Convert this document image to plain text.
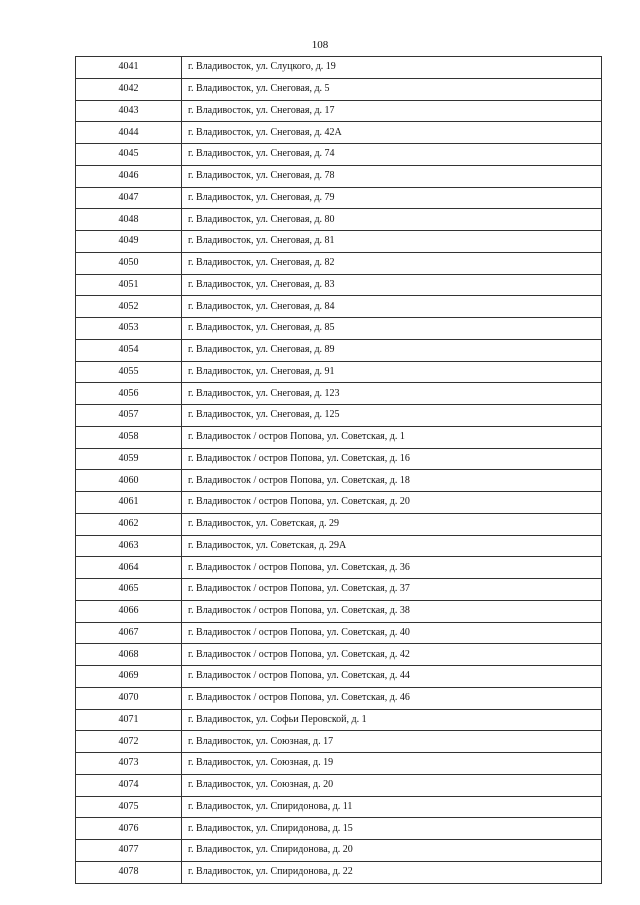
108
4041	г. Владивосток, ул. Слуцкого, д. 19
4042	г. Владивосток, ул. Снеговая, д. 5
4043	г. Владивосток, ул. Снеговая, д. 17
4044	г. Владивосток, ул. Снеговая, д. 42А
4045	г. Владивосток, ул. Снеговая, д. 74
4046	г. Владивосток, ул. Снеговая, д. 78
4047	г. Владивосток, ул. Снеговая, д. 79
4048	г. Владивосток, ул. Снеговая, д. 80
4049	г. Владивосток, ул. Снеговая, д. 81
4050	г. Владивосток, ул. Снеговая, д. 82
4051	г. Владивосток, ул. Снеговая, д. 83
4052	г. Владивосток, ул. Снеговая, д. 84
4053	г. Владивосток, ул. Снеговая, д. 85
4054	г. Владивосток, ул. Снеговая, д. 89
4055	г. Владивосток, ул. Снеговая, д. 91
4056	г. Владивосток, ул. Снеговая, д. 123
4057	г. Владивосток, ул. Снеговая, д. 125
4058	г. Владивосток / остров Попова, ул. Советская, д. 1
4059	г. Владивосток / остров Попова, ул. Советская, д. 16
4060	г. Владивосток / остров Попова, ул. Советская, д. 18
4061	г. Владивосток / остров Попова, ул. Советская, д. 20
4062	г. Владивосток, ул. Советская, д. 29
4063	г. Владивосток, ул. Советская, д. 29А
4064	г. Владивосток / остров Попова, ул. Советская, д. 36
4065	г. Владивосток / остров Попова, ул. Советская, д. 37
4066	г. Владивосток / остров Попова, ул. Советская, д. 38
4067	г. Владивосток / остров Попова, ул. Советская, д. 40
4068	г. Владивосток / остров Попова, ул. Советская, д. 42
4069	г. Владивосток / остров Попова, ул. Советская, д. 44
4070	г. Владивосток / остров Попова, ул. Советская, д. 46
4071	г. Владивосток, ул. Софьи Перовской, д. 1
4072	г. Владивосток, ул. Союзная, д. 17
4073	г. Владивосток, ул. Союзная, д. 19
4074	г. Владивосток, ул. Союзная, д. 20
4075	г. Владивосток, ул. Спиридонова, д. 11
4076	г. Владивосток, ул. Спиридонова, д. 15
4077	г. Владивосток, ул. Спиридонова, д. 20
4078	г. Владивосток, ул. Спиридонова, д. 22
